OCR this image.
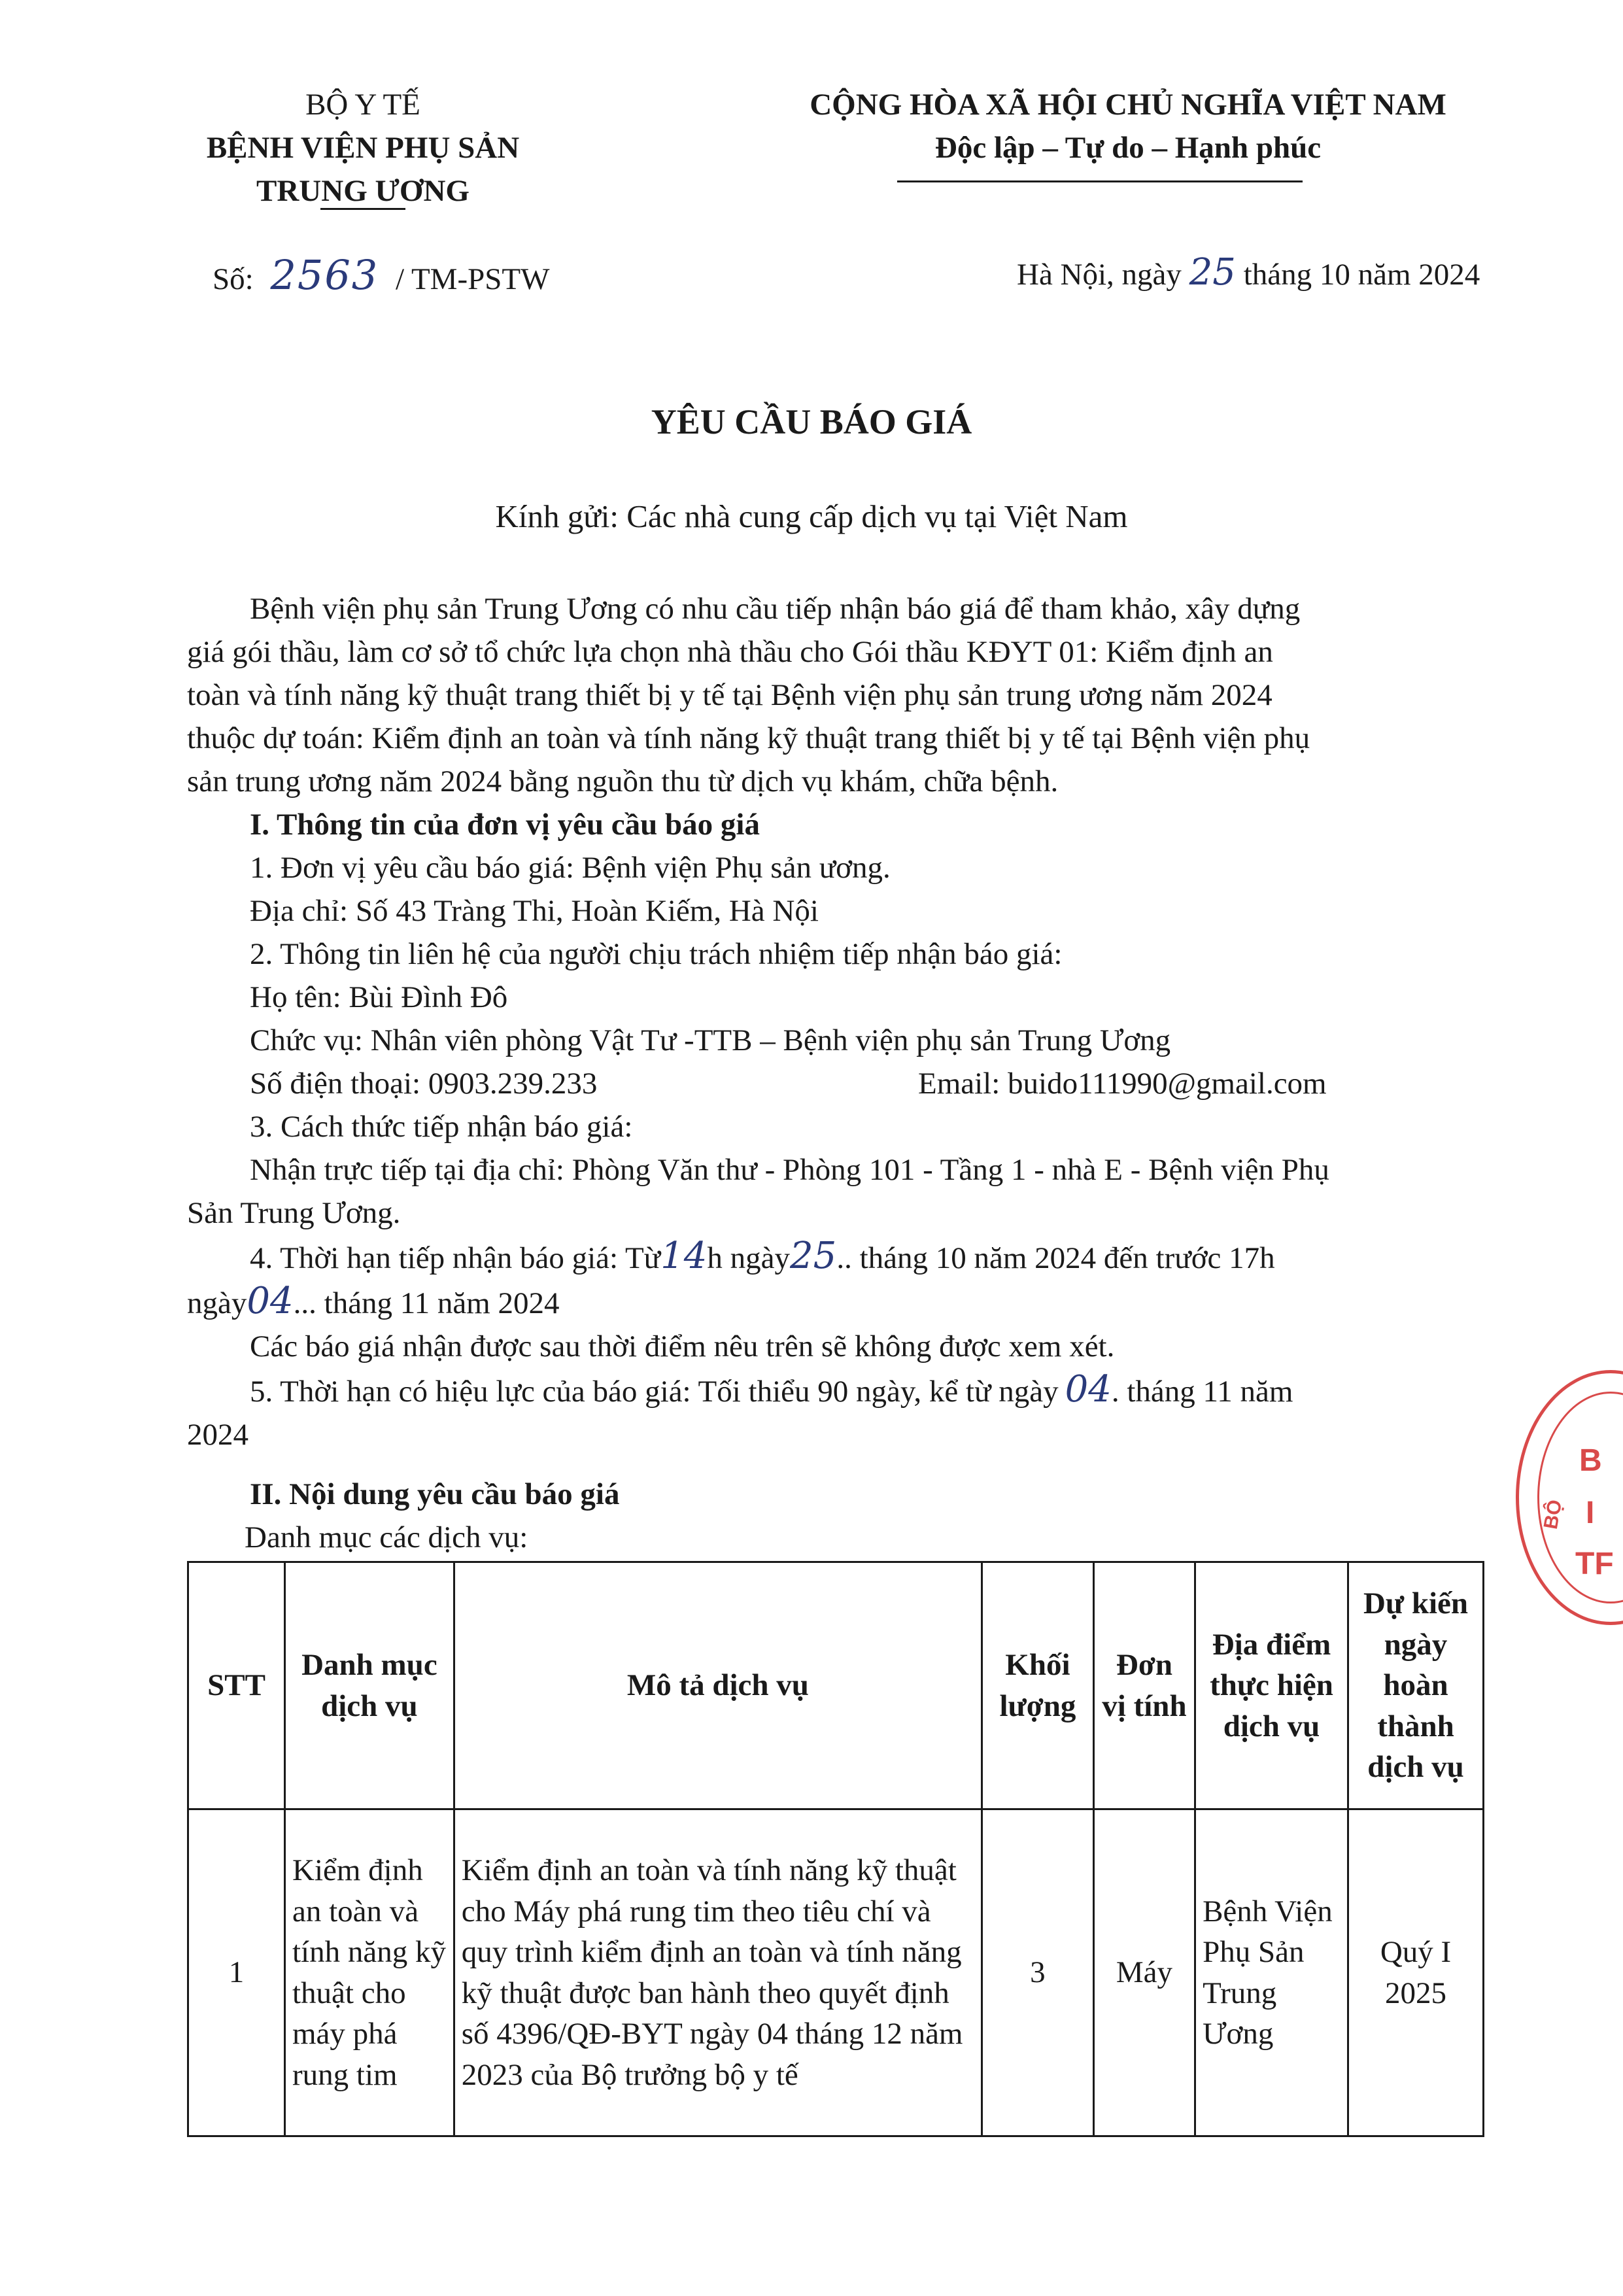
BỘ Y TẾ
BỆNH VIỆN PHỤ SẢN
TRUNG ƯƠNG
Số: 2563 / TM-PSTW
CỘNG HÒA XÃ HỘI CHỦ NGHĨA VIỆT NAM
Độc lập – Tự do – Hạnh phúc
Hà Nội, ngày 25 tháng 10 năm 2024
YÊU CẦU BÁO GIÁ
Kính gửi: Các nhà cung cấp dịch vụ tại Việt Nam
Bệnh viện phụ sản Trung Ương có nhu cầu tiếp nhận báo giá để tham khảo, xây dựng
giá gói thầu, làm cơ sở tổ chức lựa chọn nhà thầu cho Gói thầu KĐYT 01: Kiểm định an
toàn và tính năng kỹ thuật trang thiết bị y tế tại Bệnh viện phụ sản trung ương năm 2024
thuộc dự toán: Kiểm định an toàn và tính năng kỹ thuật trang thiết bị y tế tại Bệnh viện phụ
sản trung ương năm 2024 bằng nguồn thu từ dịch vụ khám, chữa bệnh.
I. Thông tin của đơn vị yêu cầu báo giá
1. Đơn vị yêu cầu báo giá: Bệnh viện Phụ sản ương.
Địa chỉ: Số 43 Tràng Thi, Hoàn Kiếm, Hà Nội
2. Thông tin liên hệ của người chịu trách nhiệm tiếp nhận báo giá:
Họ tên: Bùi Đình Đô
Chức vụ: Nhân viên phòng Vật Tư -TTB – Bệnh viện phụ sản Trung Ương
Số điện thoại: 0903.239.233	Email: buido111990@gmail.com
3. Cách thức tiếp nhận báo giá:
Nhận trực tiếp tại địa chỉ: Phòng Văn thư - Phòng 101 - Tầng 1 - nhà E - Bệnh viện Phụ
Sản Trung Ương.
4. Thời hạn tiếp nhận báo giá: Từ14h ngày25.. tháng 10 năm 2024 đến trước 17h
ngày04... tháng 11 năm 2024
Các báo giá nhận được sau thời điểm nêu trên sẽ không được xem xét.
5. Thời hạn có hiệu lực của báo giá: Tối thiểu 90 ngày, kể từ ngày 04. tháng 11 năm
2024
II. Nội dung yêu cầu báo giá
Danh mục các dịch vụ:
STT	Danh mục dịch vụ	Mô tả dịch vụ	Khối lượng	Đơn vị tính	Địa điểm thực hiện dịch vụ	Dự kiến ngày hoàn thành dịch vụ
1	Kiểm định an toàn và tính năng kỹ thuật cho máy phá rung tim	Kiểm định an toàn và tính năng kỹ thuật cho Máy phá rung tim theo tiêu chí và quy trình kiểm định an toàn và tính năng kỹ thuật được ban hành theo quyết định số 4396/QĐ-BYT ngày 04 tháng 12 năm 2023 của Bộ trưởng bộ y tế	3	Máy	Bệnh Viện Phụ Sản Trung Ương	Quý I 2025
B
I
TF
BỘ
